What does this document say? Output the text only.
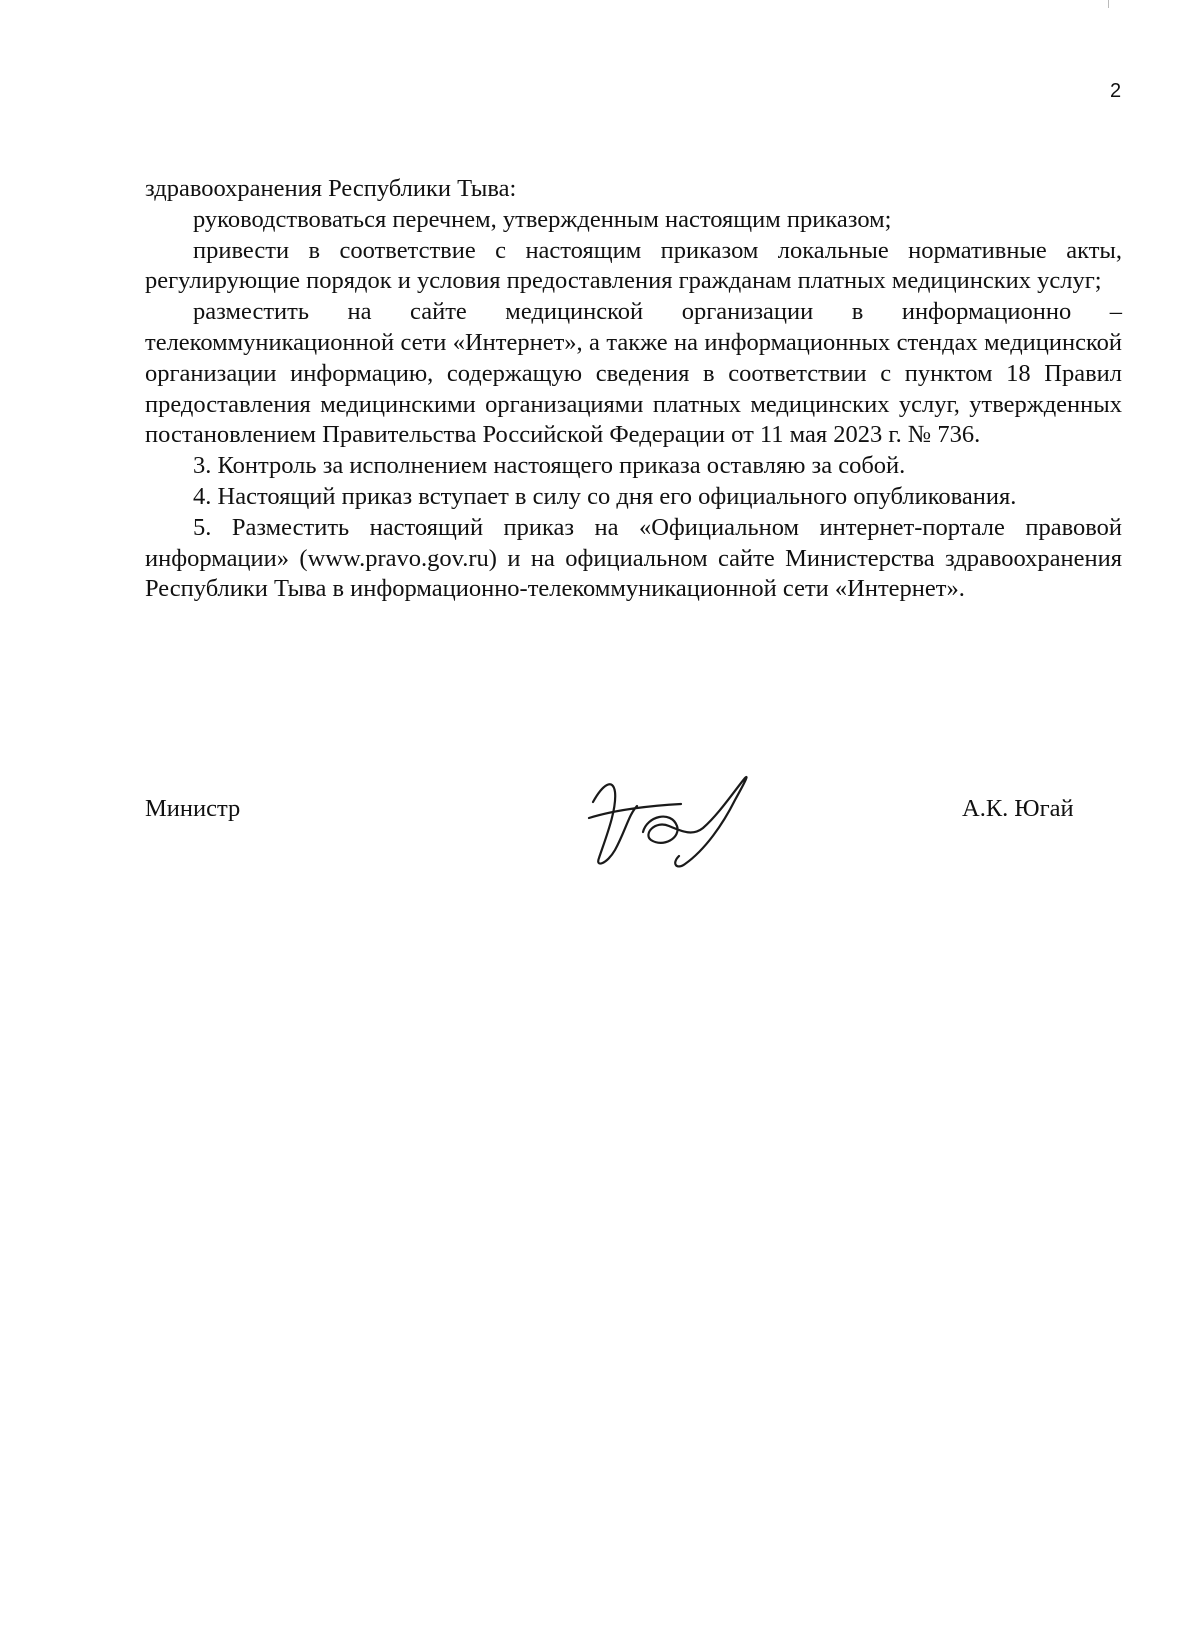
2

здравоохранения Республики Тыва:

руководствоваться перечнем, утвержденным настоящим приказом;

привести в соответствие с настоящим приказом локальные нормативные акты, регулирующие порядок и условия предоставления гражданам платных медицинских услуг;

разместить на сайте медицинской организации в информационно – телекоммуникационной сети «Интернет», а также на информационных стендах медицинской организации информацию, содержащую сведения в соответствии с пунктом 18 Правил предоставления медицинскими организациями платных медицинских услуг, утвержденных постановлением Правительства Российской Федерации от 11 мая 2023 г. № 736.

3. Контроль за исполнением настоящего приказа оставляю за собой.

4. Настоящий приказ вступает в силу со дня его официального опубликования.

5. Разместить настоящий приказ на «Официальном интернет-портале правовой информации» (www.pravo.gov.ru) и на официальном сайте Министерства здравоохранения Республики Тыва в информационно-телекоммуникационной сети «Интернет».

Министр	А.К. Югай
